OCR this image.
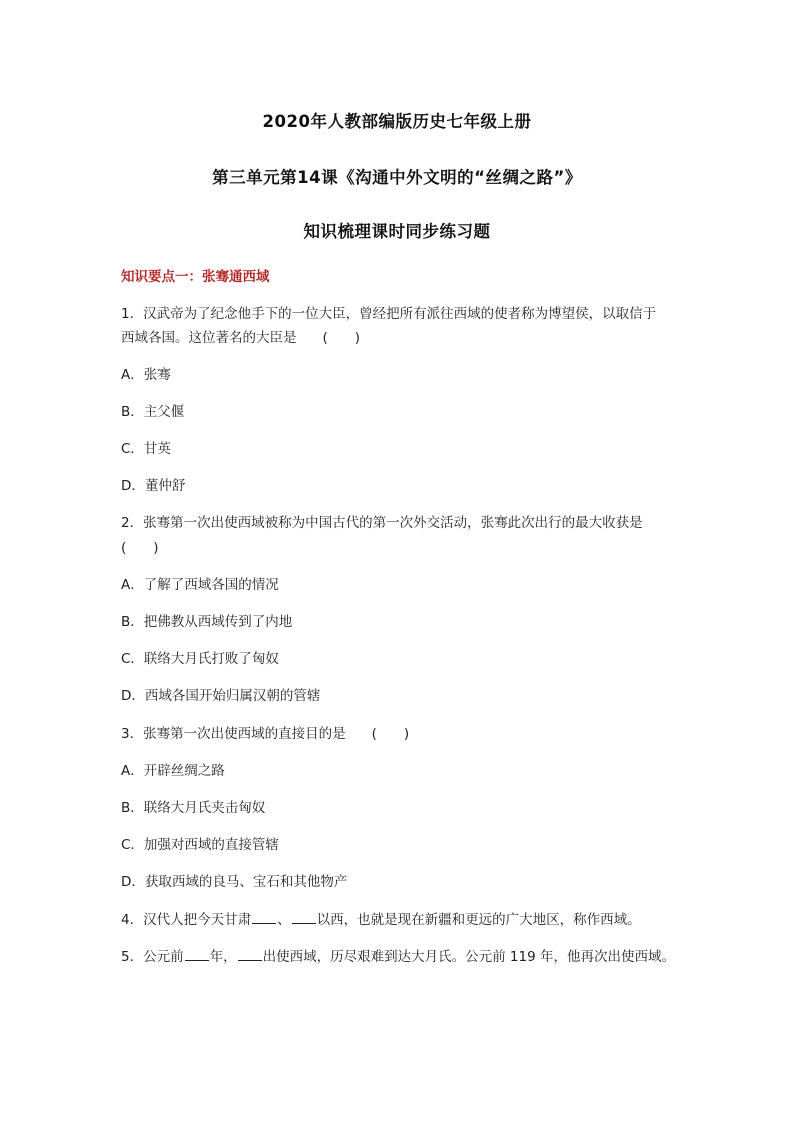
2020年人教部编版历史七年级上册
第三单元第14课《沟通中外文明的“丝绸之路”》
知识梳理课时同步练习题
知识要点一：张骞通西域
1．汉武帝为了纪念他手下的一位大臣，曾经把所有派往西域的使者称为博望侯，以取信于
西域各国。这位著名的大臣是 (　　)
A．张骞
B．主父偃
C．甘英
D．董仲舒
2．张骞第一次出使西域被称为中国古代的第一次外交活动，张骞此次出行的最大收获是
(　　)
A．了解了西域各国的情况
B．把佛教从西域传到了内地
C．联络大月氏打败了匈奴
D．西域各国开始归属汉朝的管辖
3．张骞第一次出使西域的直接目的是 (　　)
A．开辟丝绸之路
B．联络大月氏夹击匈奴
C．加强对西域的直接管辖
D．获取西域的良马、宝石和其他物产
4．汉代人把今天甘肃 、 以西，也就是现在新疆和更远的广大地区，称作西域。
5．公元前 年， 出使西域，历尽艰难到达大月氏。公元前 119 年，他再次出使西域。
